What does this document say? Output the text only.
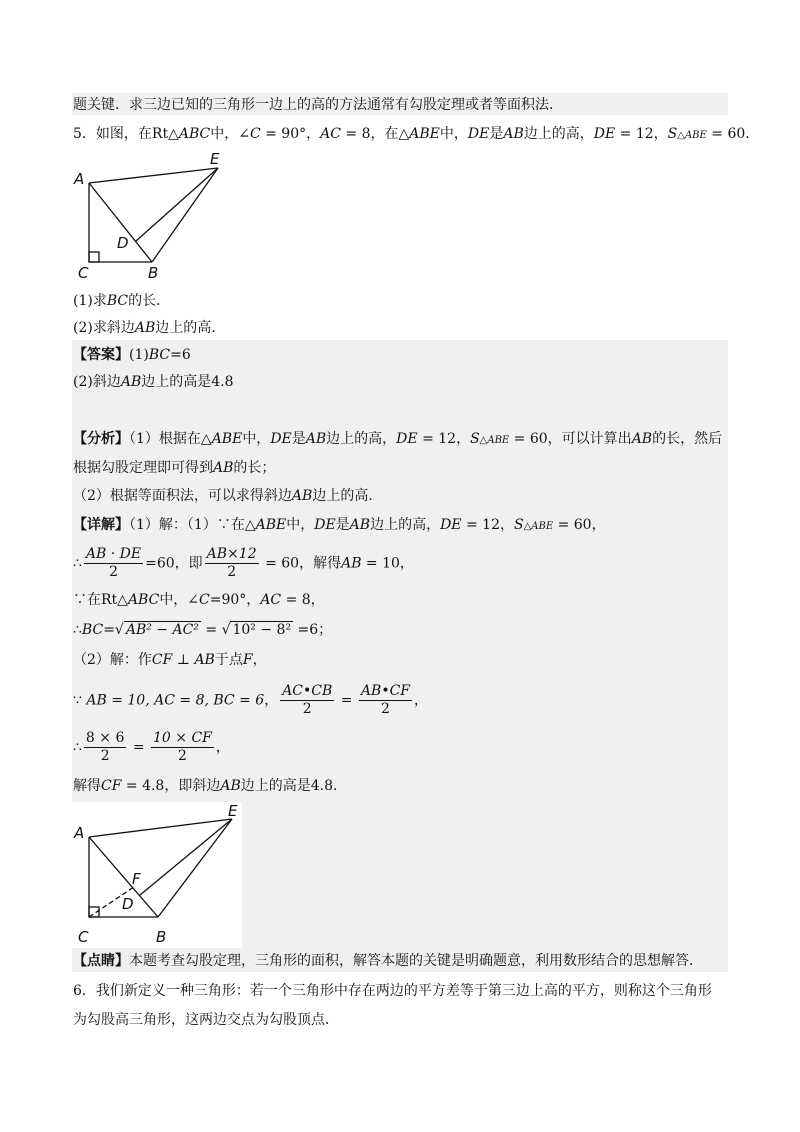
题关键．求三边已知的三角形一边上的高的方法通常有勾股定理或者等面积法．
5．如图，在Rt△ABC中，∠C = 90°，AC = 8，在△ABE中，DE是AB边上的高，DE = 12，S△ABE = 60．
A
E
D
C	B
(1)求BC的长．
(2)求斜边AB边上的高．
【答案】(1)BC=6
(2)斜边AB边上的高是4.8
【分析】（1）根据在△ABE中，DE是AB边上的高，DE = 12，S△ABE = 60，可以计算出AB的长，然后
根据勾股定理即可得到AB的长；
（2）根据等面积法，可以求得斜边AB边上的高．
【详解】（1）解：（1）∵在△ABE中，DE是AB边上的高，DE = 12，S△ABE = 60，
∴ $\frac{AB \cdot DE}{2} =60$，即 $\frac{AB\times 12}{2} = 60$，解得AB = 10，
∵在Rt△ABC中，∠C=90°，AC = 8，
∴BC=√ AB² − AC² = √ 10² − 8² =6；
（2）解：作CF ⊥ AB于点F，
∵ AB = 10, AC = 8, BC = 6， $\frac{AC•CB}{2} = \frac{AB•CF}{2}$ ，
∴ $\frac{8 \times 6}{2} = \frac{10 \times CF}{2}$ ，
解得CF = 4.8，即斜边AB边上的高是4.8．
A
E
F
D
C	B
【点睛】本题考查勾股定理，三角形的面积，解答本题的关键是明确题意，利用数形结合的思想解答．
6．我们新定义一种三角形：若一个三角形中存在两边的平方差等于第三边上高的平方，则称这个三角形
为勾股高三角形，这两边交点为勾股顶点．
